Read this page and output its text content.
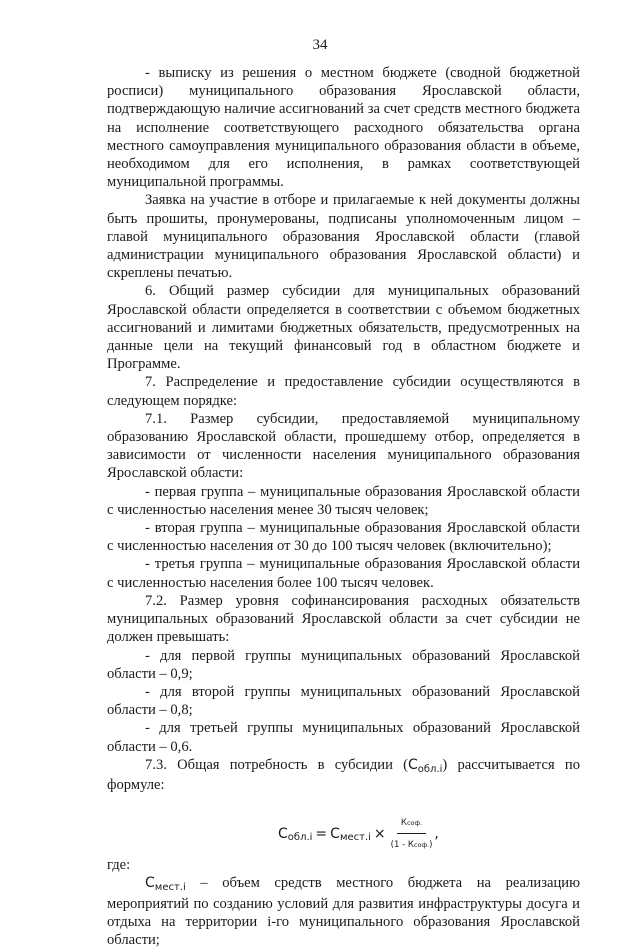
34

- выписку из решения о местном бюджете (сводной бюджетной росписи) муниципального образования Ярославской области, подтверждающую наличие ассигнований за счет средств местного бюджета на исполнение соответствующего расходного обязательства органа местного самоуправления муниципального образования области в объеме, необходимом для его исполнения, в рамках соответствующей муниципальной программы.

Заявка на участие в отборе и прилагаемые к ней документы должны быть прошиты, пронумерованы, подписаны уполномоченным лицом – главой муниципального образования Ярославской области (главой администрации муниципального образования Ярославской области) и скреплены печатью.

6. Общий размер субсидии для муниципальных образований Ярославской области определяется в соответствии с объемом бюджетных ассигнований и лимитами бюджетных обязательств, предусмотренных на данные цели на текущий финансовый год в областном бюджете и Программе.

7. Распределение и предоставление субсидии осуществляются в следующем порядке:

7.1. Размер субсидии, предоставляемой муниципальному образованию Ярославской области, прошедшему отбор, определяется в зависимости от численности населения муниципального образования Ярославской области:

- первая группа – муниципальные образования Ярославской области с численностью населения менее 30 тысяч человек;

- вторая группа – муниципальные образования Ярославской области с численностью населения от 30 до 100 тысяч человек (включительно);

- третья группа – муниципальные образования Ярославской области с численностью населения более 100 тысяч человек.

7.2. Размер уровня софинансирования расходных обязательств муниципальных образований Ярославской области за счет субсидии не должен превышать:

- для первой группы муниципальных образований Ярославской области – 0,9;

- для второй группы муниципальных образований Ярославской области – 0,8;

- для третьей группы муниципальных образований Ярославской области – 0,6.

7.3. Общая потребность в субсидии $(С_{обл.i})$ рассчитывается по формуле:

С обл.i = С мест.i × $\frac{\text{Ксоф.}}{\text{(1 - Ксоф.)}}$ ,

где:

$С_{мест.i}$ – объем средств местного бюджета на реализацию мероприятий по созданию условий для развития инфраструктуры досуга и отдыха на территории i-го муниципального образования Ярославской области;
